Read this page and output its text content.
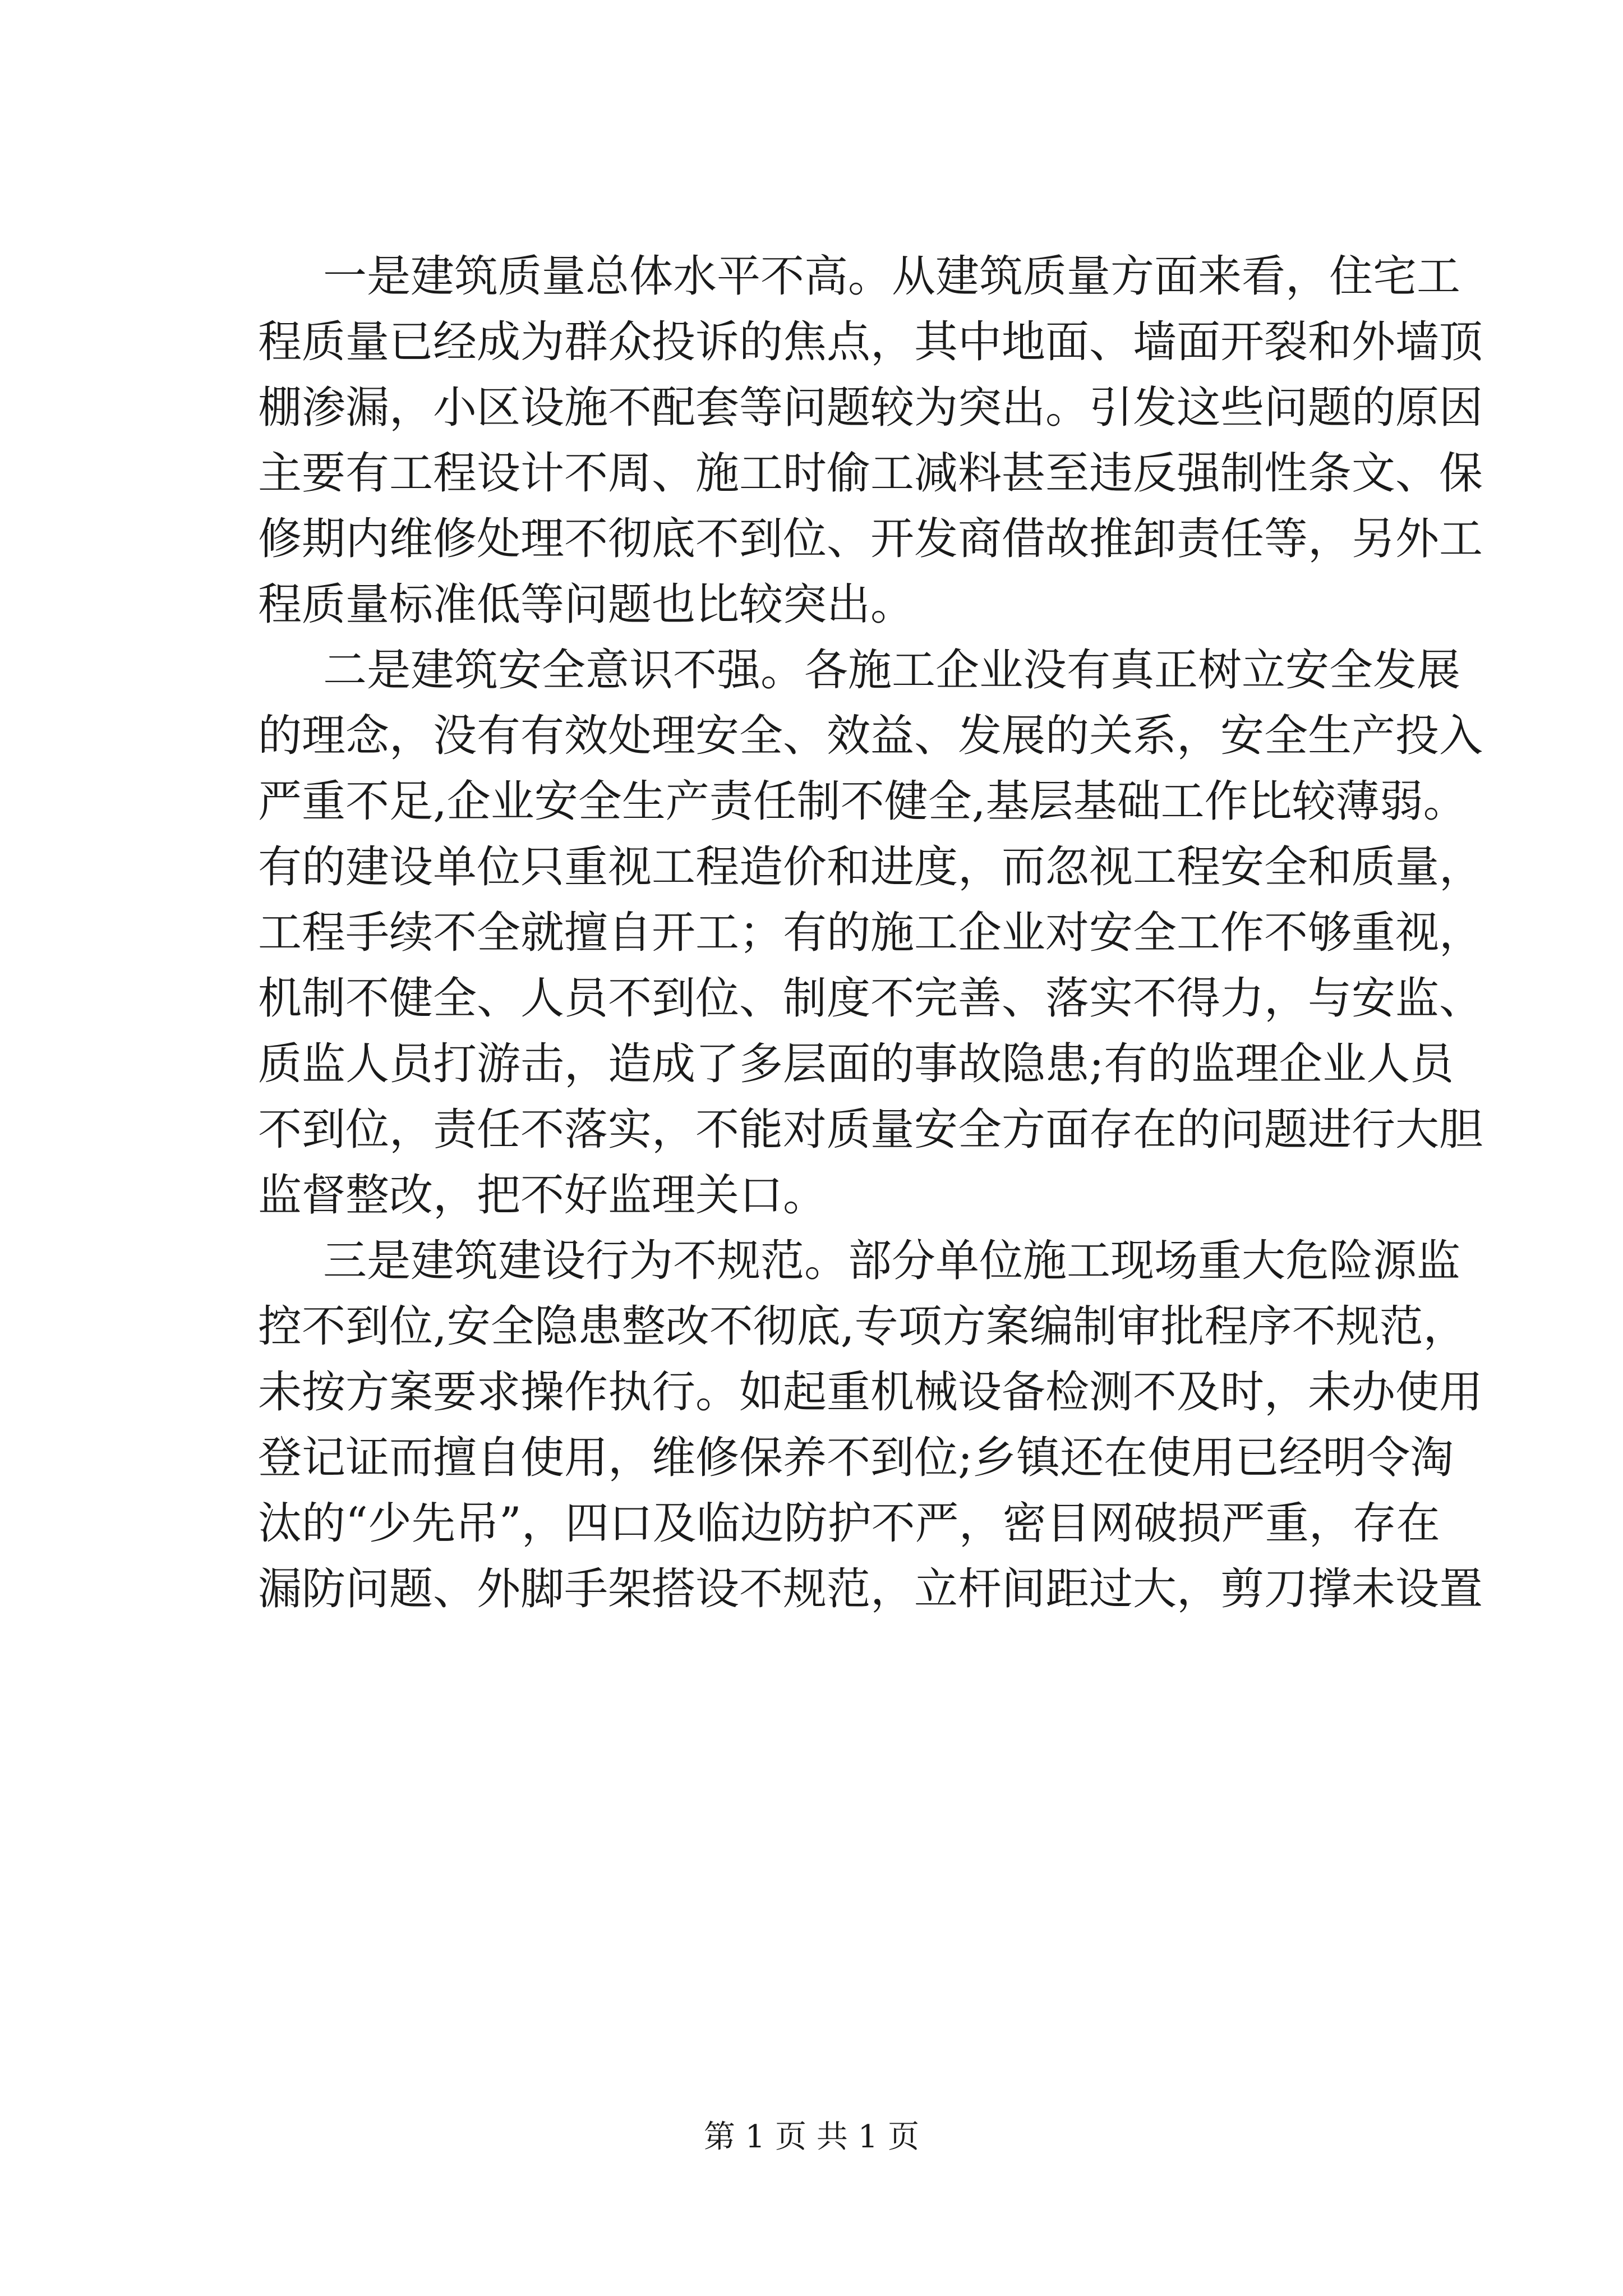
一是建筑质量总体水平不高。从建筑质量方面来看，住宅工
程质量已经成为群众投诉的焦点，其中地面、墙面开裂和外墙顶
棚渗漏，小区设施不配套等问题较为突出。引发这些问题的原因
主要有工程设计不周、施工时偷工减料甚至违反强制性条文、保
修期内维修处理不彻底不到位、开发商借故推卸责任等，另外工
程质量标准低等问题也比较突出。
二是建筑安全意识不强。各施工企业没有真正树立安全发展
的理念，没有有效处理安全、效益、发展的关系，安全生产投入
严重不足,企业安全生产责任制不健全,基层基础工作比较薄弱。
有的建设单位只重视工程造价和进度，而忽视工程安全和质量，
工程手续不全就擅自开工；有的施工企业对安全工作不够重视，
机制不健全、人员不到位、制度不完善、落实不得力，与安监、
质监人员打游击，造成了多层面的事故隐患;有的监理企业人员
不到位，责任不落实，不能对质量安全方面存在的问题进行大胆
监督整改，把不好监理关口。
三是建筑建设行为不规范。部分单位施工现场重大危险源监
控不到位,安全隐患整改不彻底,专项方案编制审批程序不规范，
未按方案要求操作执行。如起重机械设备检测不及时，未办使用
登记证而擅自使用，维修保养不到位;乡镇还在使用已经明令淘
汰的“少先吊”，四口及临边防护不严，密目网破损严重，存在
漏防问题、外脚手架搭设不规范，立杆间距过大，剪刀撑未设置
第 1 页 共 1 页
